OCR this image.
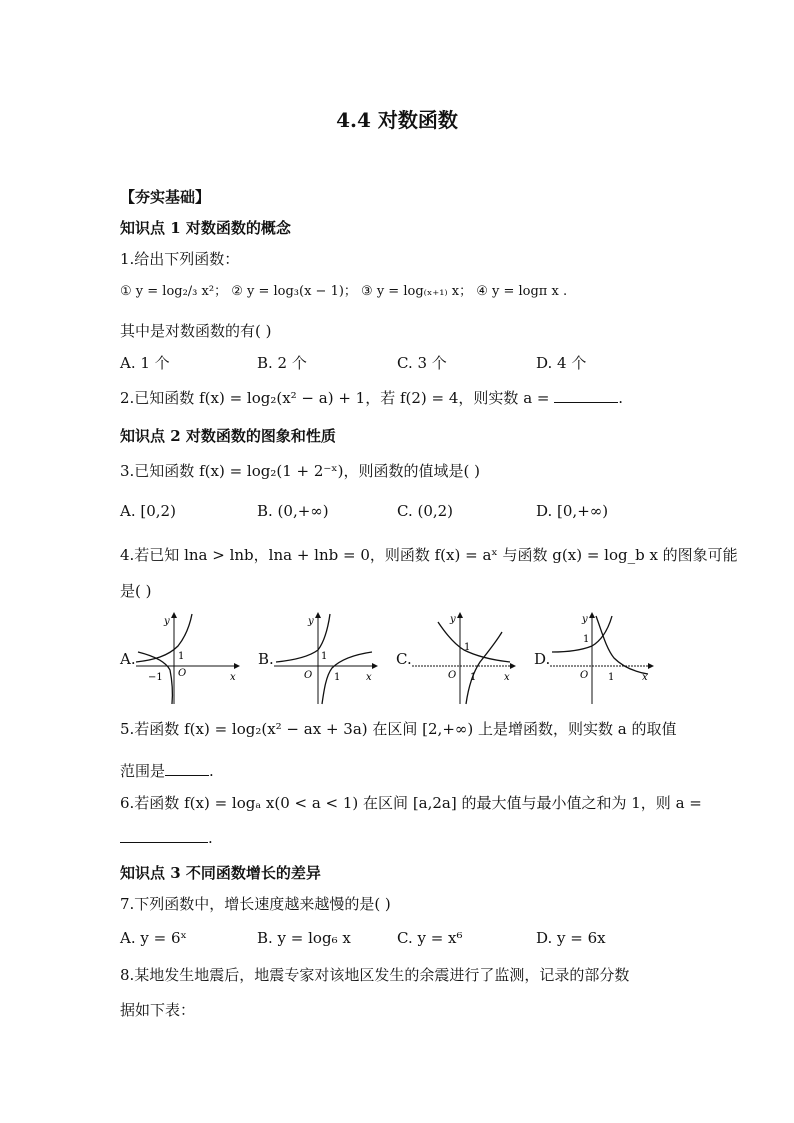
4.4 对数函数
【夯实基础】
知识点 1 对数函数的概念
1.给出下列函数：
① y = log₂/₃ x²； ② y = log₃(x − 1)； ③ y = log₍ₓ₊₁₎ x； ④ y = logπ x .
其中是对数函数的有( )
A. 1 个	B. 2 个	C. 3 个	D. 4 个
2.已知函数 f(x) = log₂(x² − a) + 1，若 f(2) = 4，则实数 a =	.
知识点 2 对数函数的图象和性质
3.已知函数 f(x) = log₂(1 + 2⁻ˣ)，则函数的值域是( )
A. [0,2)	B. (0,+∞)	C. (0,2)	D. [0,+∞)
4.若已知 lna > lnb，lna + lnb = 0，则函数 f(x) = aˣ 与函数 g(x) = log_b x 的图象可能
是( )
A.	B.	C.	D.
O
1
−1
y
x	O
1
1
y
x	O
1
1
y
x	O
1
1
y
x
5.若函数 f(x) = log₂(x² − ax + 3a) 在区间 [2,+∞) 上是增函数，则实数 a 的取值
范围是	.
6.若函数 f(x) = logₐ x(0 < a < 1) 在区间 [a,2a] 的最大值与最小值之和为 1，则 a =
.
知识点 3 不同函数增长的差异
7.下列函数中，增长速度越来越慢的是( )
A. y = 6ˣ	B. y = log₆ x	C. y = x⁶	D. y = 6x
8.某地发生地震后，地震专家对该地区发生的余震进行了监测，记录的部分数
据如下表：
